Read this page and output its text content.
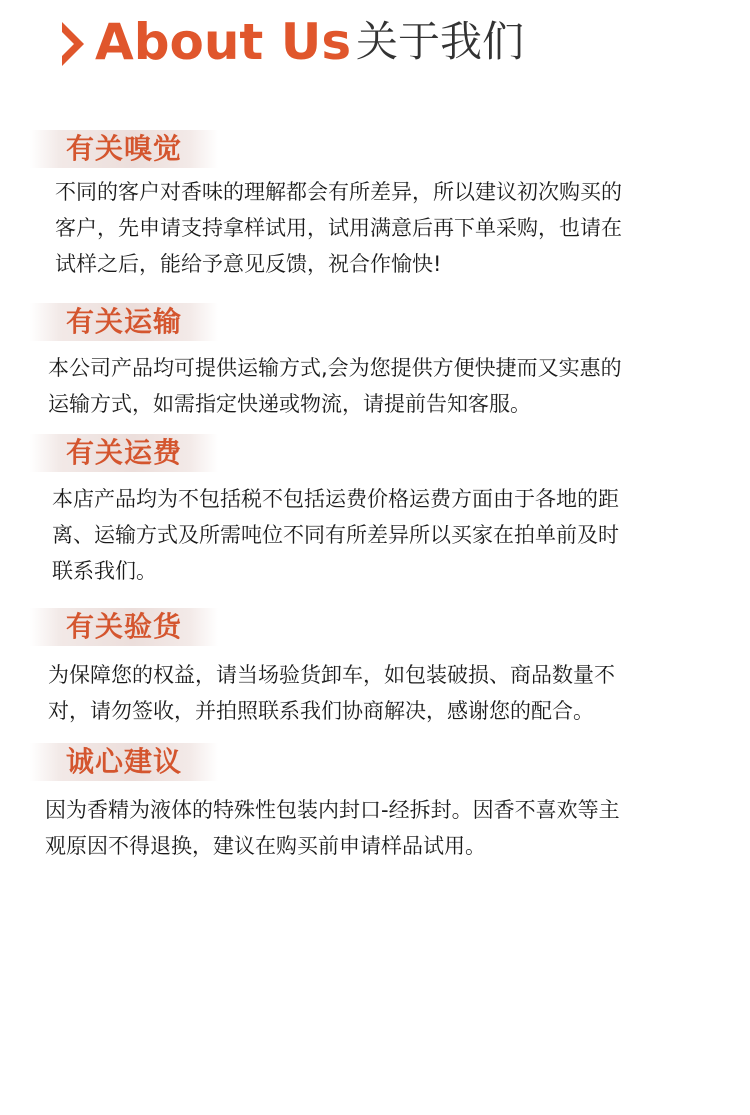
About Us 关于我们
有关嗅觉
不同的客户对香味的理解都会有所差异，所以建议初次购买的
客户，先申请支持拿样试用，试用满意后再下单采购，也请在
试样之后，能给予意见反馈，祝合作愉快!
有关运输
本公司产品均可提供运输方式,会为您提供方便快捷而又实惠的
运输方式，如需指定快递或物流，请提前告知客服。
有关运费
本店产品均为不包括税不包括运费价格运费方面由于各地的距
离、运输方式及所需吨位不同有所差异所以买家在拍单前及时
联系我们。
有关验货
为保障您的权益，请当场验货卸车，如包装破损、商品数量不
对，请勿签收，并拍照联系我们协商解决，感谢您的配合。
诚心建议
因为香精为液体的特殊性包装内封口-经拆封。因香不喜欢等主
观原因不得退换，建议在购买前申请样品试用。
